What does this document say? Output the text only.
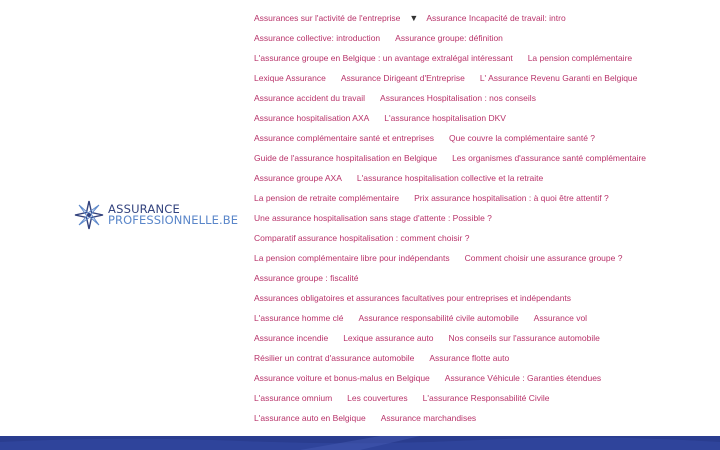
ASSURANCE
PROFESSIONNELLE.BE
Assurances sur l'activité de l'entreprise ▼ Assurance Incapacité de travail: intro
Assurance collective: introduction Assurance groupe: définition
L'assurance groupe en Belgique : un avantage extralégal intéressant La pension complémentaire
Lexique Assurance Assurance Dirigeant d'Entreprise L' Assurance Revenu Garanti en Belgique
Assurance accident du travail Assurances Hospitalisation : nos conseils
Assurance hospitalisation AXA L'assurance hospitalisation DKV
Assurance complémentaire santé et entreprises Que couvre la complémentaire santé ?
Guide de l'assurance hospitalisation en Belgique Les organismes d'assurance santé complémentaire
Assurance groupe AXA L'assurance hospitalisation collective et la retraite
La pension de retraite complémentaire Prix assurance hospitalisation : à quoi être attentif ?
Une assurance hospitalisation sans stage d'attente : Possible ?
Comparatif assurance hospitalisation : comment choisir ?
La pension complémentaire libre pour indépendants Comment choisir une assurance groupe ?
Assurance groupe : fiscalité
Assurances obligatoires et assurances facultatives pour entreprises et indépendants
L'assurance homme clé Assurance responsabilité civile automobile Assurance vol
Assurance incendie Lexique assurance auto Nos conseils sur l'assurance automobile
Résilier un contrat d'assurance automobile Assurance flotte auto
Assurance voiture et bonus-malus en Belgique Assurance Véhicule : Garanties étendues
L'assurance omnium Les couvertures L'assurance Responsabilité Civile
L'assurance auto en Belgique Assurance marchandises
